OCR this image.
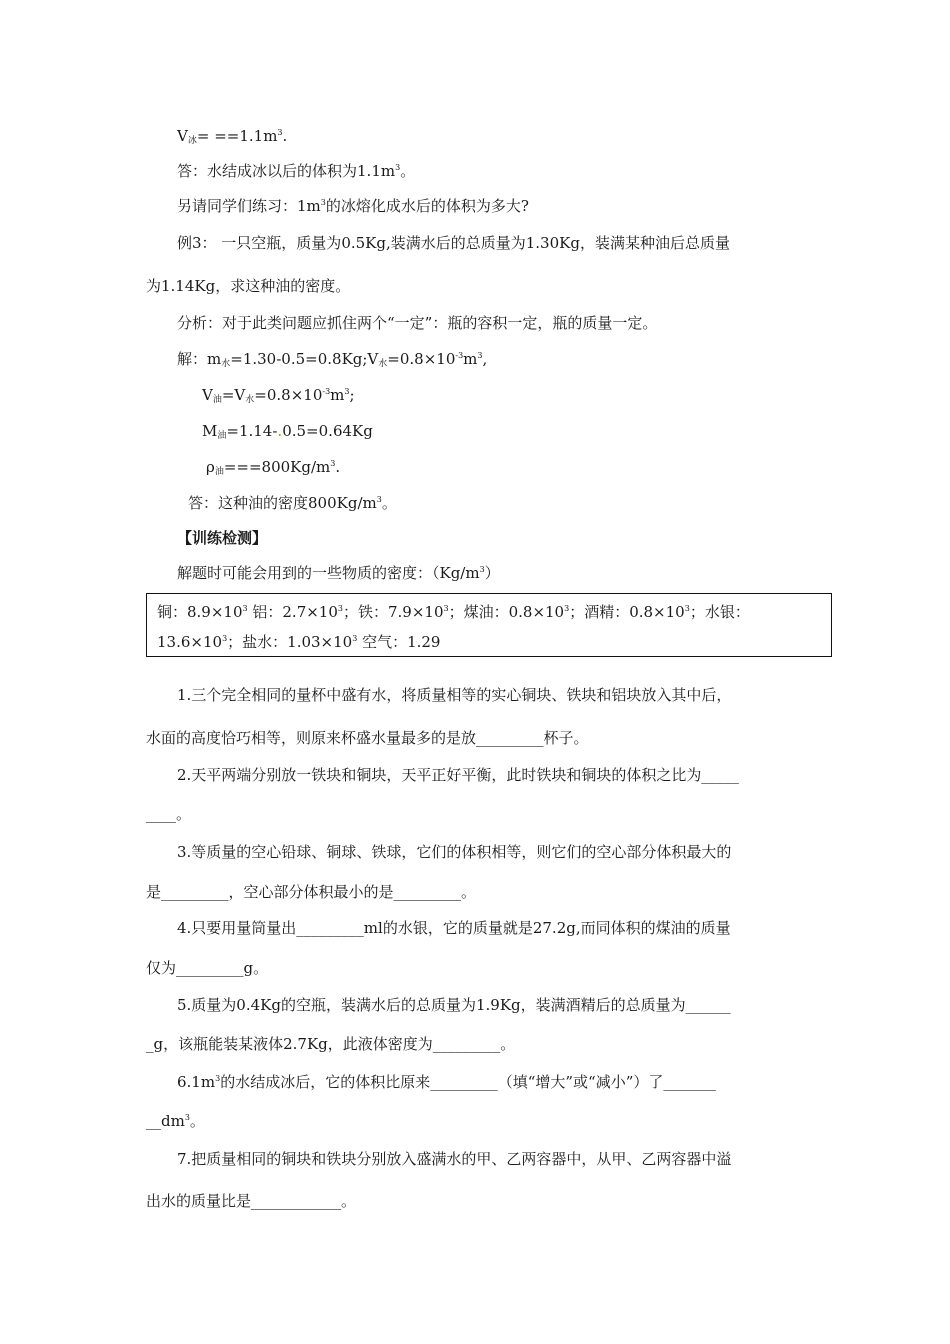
$V_冰= ==1.1m^3$.
答：水结成冰以后的体积为$1.1m^3$。
另请同学们练习：$1m^3$的冰熔化成水后的体积为多大?
例3： 一只空瓶，质量为0.5Kg,装满水后的总质量为1.30Kg，装满某种油后总质量
为1.14Kg，求这种油的密度。
分析：对于此类问题应抓住两个“一定”：瓶的容积一定，瓶的质量一定。
解：$m_水=1.30-0.5=0.8Kg;V_水=0.8\times 10^{-3}m^3$,
$V_油=V_水=0.8\times 10^{-3}m^3$;
$M_油=1.14-.0.5=0.64Kg$
$\rho_油===800Kg/m^3$.
答：这种油的密度$800Kg/m^3$。
【训练检测】
解题时可能会用到的一些物质的密度：$(Kg/m^3)$
铜：$8.9\times 10^3$ 铝：$2.7\times 10^3$；铁：$7.9\times 10^3$；煤油：$0.8\times 10^3$；酒精：$0.8\times 10^3$；水银：
$13.6\times 10^3$；盐水：$1.03\times 10^3$ 空气：1.29
1.三个完全相同的量杯中盛有水，将质量相等的实心铜块、铁块和铝块放入其中后，
水面的高度恰巧相等，则原来杯盛水量最多的是放_________杯子。
2.天平两端分别放一铁块和铜块，天平正好平衡，此时铁块和铜块的体积之比为_____
____。
3.等质量的空心铅球、铜球、铁球，它们的体积相等，则它们的空心部分体积最大的
是_________，空心部分体积最小的是_________。
4.只要用量筒量出_________ml的水银，它的质量就是27.2g,而同体积的煤油的质量
仅为_________g。
5.质量为0.4Kg的空瓶，装满水后的总质量为1.9Kg，装满酒精后的总质量为______
_g，该瓶能装某液体2.7Kg，此液体密度为_________。
$6.1m^3$的水结成冰后，它的体积比原来_________（填“增大”或“减小”）了_______
$\_\_dm^3$。
7.把质量相同的铜块和铁块分别放入盛满水的甲、乙两容器中，从甲、乙两容器中溢
出水的质量比是____________。
